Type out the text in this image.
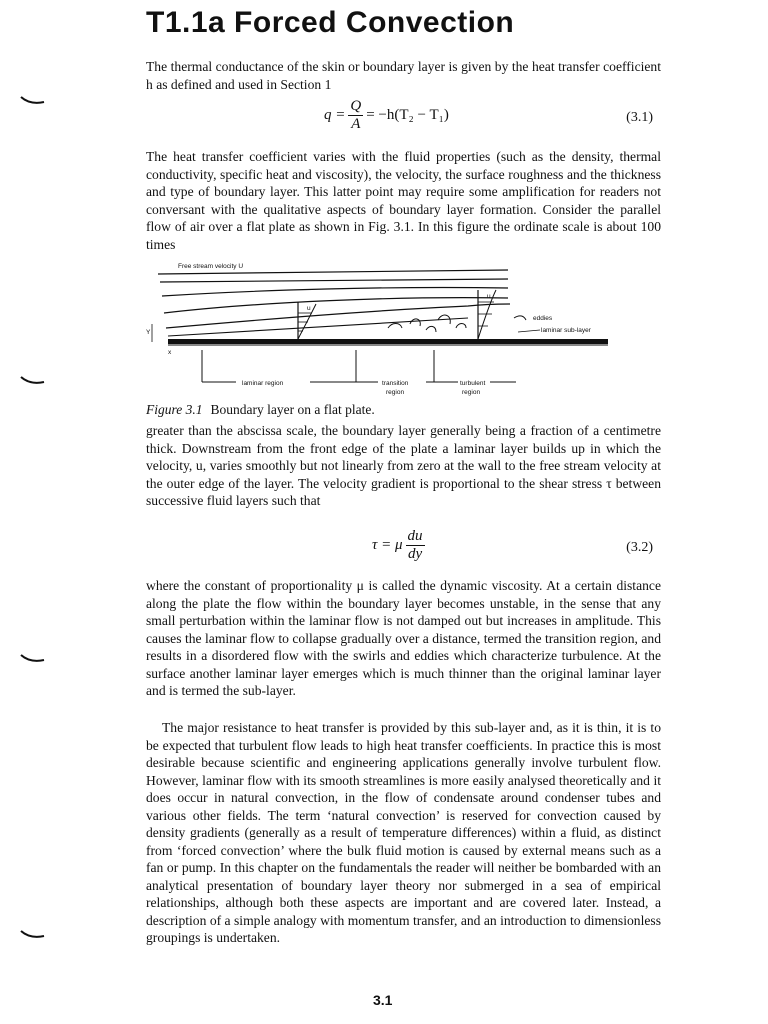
T1.1a Forced Convection

The thermal conductance of the skin or boundary layer is given by the heat transfer coefficient h as defined and used in Section 1

$q = \frac{Q}{A} = -h(T_2 - T_1)$	(3.1)

The heat transfer coefficient varies with the fluid properties (such as the density, thermal conductivity, specific heat and viscosity), the velocity, the surface roughness and the thickness and type of boundary layer. This latter point may require some amplification for readers not conversant with the qualitative aspects of boundary layer formation. Consider the parallel flow of air over a flat plate as shown in Fig. 3.1. In this figure the ordinate scale is about 100 times

Free stream velocity U
u
u
eddies
laminar sub-layer
Y
x
laminar region	transition
region
turbulent
region
Figure 3.1 Boundary layer on a flat plate.

greater than the abscissa scale, the boundary layer generally being a fraction of a centimetre thick. Downstream from the front edge of the plate a laminar layer builds up in which the velocity, u, varies smoothly but not linearly from zero at the wall to the free stream velocity at the outer edge of the layer. The velocity gradient is proportional to the shear stress τ between successive fluid layers such that

τ = μ $\frac{du}{dy}$	(3.2)

where the constant of proportionality μ is called the dynamic viscosity. At a certain distance along the plate the flow within the boundary layer becomes unstable, in the sense that any small perturbation within the laminar flow is not damped out but increases in amplitude. This causes the laminar flow to collapse gradually over a distance, termed the transition region, and results in a disordered flow with the swirls and eddies which characterize turbulence. At the surface another laminar layer emerges which is much thinner than the original laminar layer and is termed the sub-layer.

The major resistance to heat transfer is provided by this sub-layer and, as it is thin, it is to be expected that turbulent flow leads to high heat transfer coefficients. In practice this is most desirable because scientific and engineering applications generally involve turbulent flow. However, laminar flow with its smooth streamlines is more easily analysed theoretically and it does occur in natural convection, in the flow of condensate around condenser tubes and various other fields. The term ‘natural convection’ is reserved for convection caused by density gradients (generally as a result of temperature differences) within a fluid, as distinct from ‘forced convection’ where the bulk fluid motion is caused by external means such as a fan or pump. In this chapter on the fundamentals the reader will neither be bombarded with an analytical presentation of boundary layer theory nor submerged in a sea of empirical relationships, although both these aspects are important and are covered later. Instead, a description of a simple analogy with momentum transfer, and an introduction to dimensionless groupings is undertaken.

3.1
